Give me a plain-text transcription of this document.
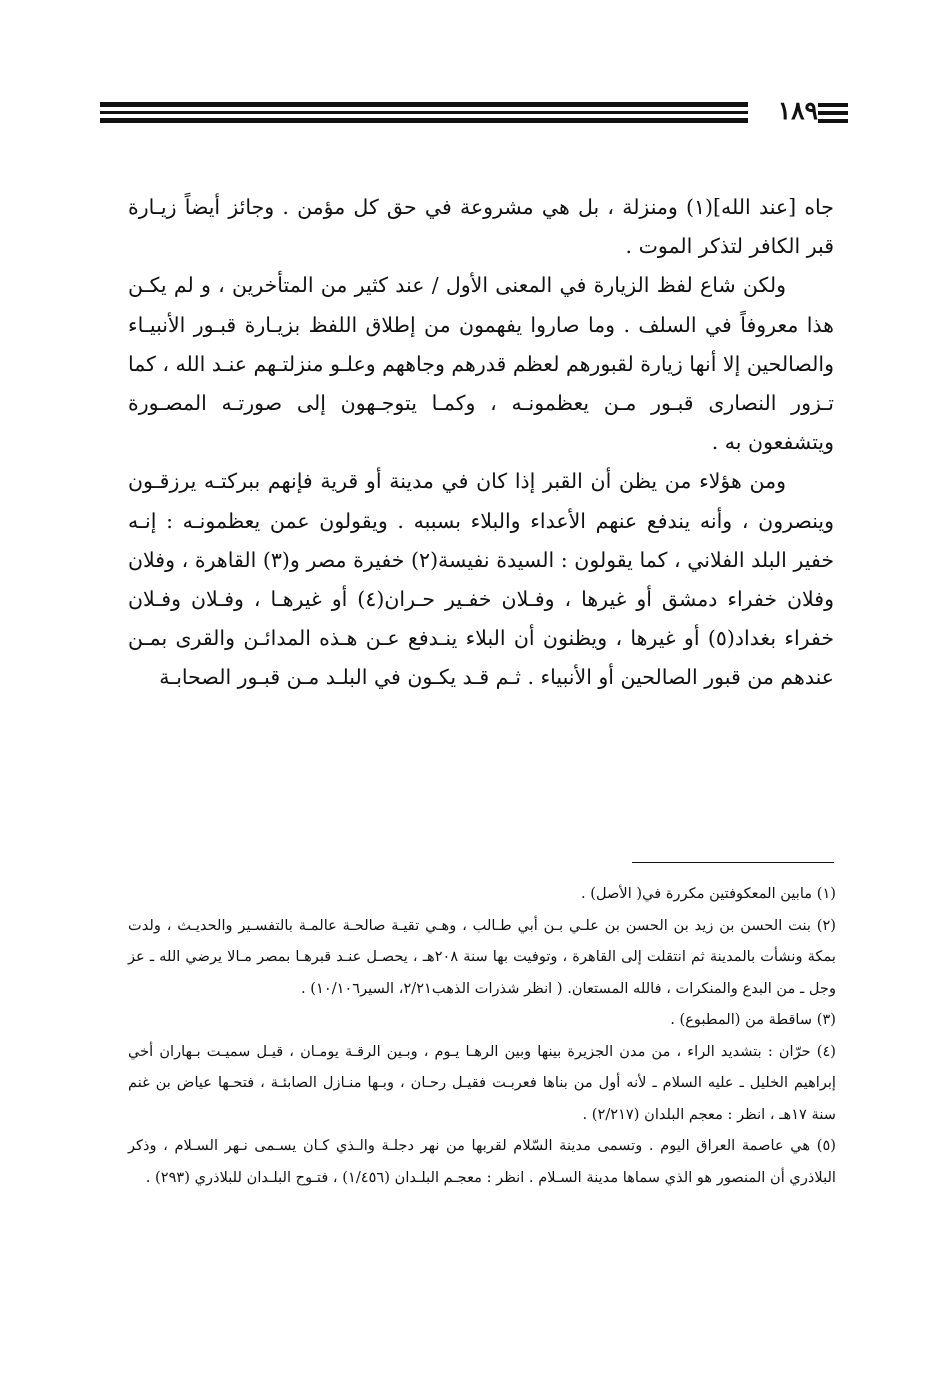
١٨٩

جاه [عند الله](١) ومنزلة ، بل هي مشروعة في حق كل مؤمن . وجائز أيضاً زيـارة قبر الكافر لتذكر الموت .

ولكن شاع لفظ الزيارة في المعنى الأول / عند كثير من المتأخرين ، و لم يكـن هذا معروفاً في السلف . وما صاروا يفهمون من إطلاق اللفظ بزيـارة قبـور الأنبيـاء والصالحين إلا أنها زيارة لقبورهم لعظم قدرهم وجاههم وعلـو منزلتـهم عنـد الله ، كما تـزور النصارى قبـور مـن يعظمونـه ، وكمـا يتوجـهون إلى صورتـه المصـورة ويتشفعون به .

ومن هؤلاء من يظن أن القبر إذا كان في مدينة أو قرية فإنهم ببركتـه يرزقـون وينصرون ، وأنه يندفع عنهم الأعداء والبلاء بسببه . ويقولون عمن يعظمونـه : إنـه خفير البلد الفلاني ، كما يقولون : السيدة نفيسة(٢) خفيرة مصر و(٣) القاهرة ، وفلان وفلان خفراء دمشق أو غيرها ، وفـلان خفـير حـران(٤) أو غيرهـا ، وفـلان وفـلان خفراء بغداد(٥) أو غيرها ، ويظنون أن البلاء ينـدفع عـن هـذه المدائـن والقرى بمـن عندهم من قبور الصالحين أو الأنبياء . ثـم قـد يكـون في البلـد مـن قبـور الصحابـة

(١) مابين المعكوفتين مكررة في( الأصل) .

(٢) بنت الحسن بن زيد بن الحسن بن علـي بـن أبي طـالب ، وهـي تقيـة صالحـة عالمـة بالتفسـير والحديـث ، ولدت بمكة ونشأت بالمدينة ثم انتقلت إلى القاهرة ، وتوفيت بها سنة ٢٠٨هـ ، يحصـل عنـد قبرهـا بمصر مـالا يرضي الله ـ عز وجل ـ من البدع والمنكرات ، فالله المستعان. ( انظر شذرات الذهب٢/٢١، السير١٠/١٠٦) .

(٣) ساقطة من (المطبوع) .

(٤) حرّان : بتشديد الراء ، من مدن الجزيرة بينها وبين الرهـا يـوم ، وبـين الرقـة يومـان ، قيـل سميـت بـهاران أخي إبراهيم الخليل ـ عليه السلام ـ لأنه أول من بناها فعربـت فقيـل رحـان ، وبـها منـازل الصابئـة ، فتحـها عياض بن غنم سنة ١٧هـ ، انظر : معجم البلدان (٢/٢١٧) .

(٥) هي عاصمة العراق اليوم . وتسمى مدينة السّلام لقربها من نهر دجلـة والـذي كـان يسـمى نـهر السـلام ، وذكر البلاذري أن المنصور هو الذي سماها مدينة السـلام . انظر : معجـم البلـدان (١/٤٥٦) ، فتـوح البلـدان للبلاذري (٢٩٣) .
